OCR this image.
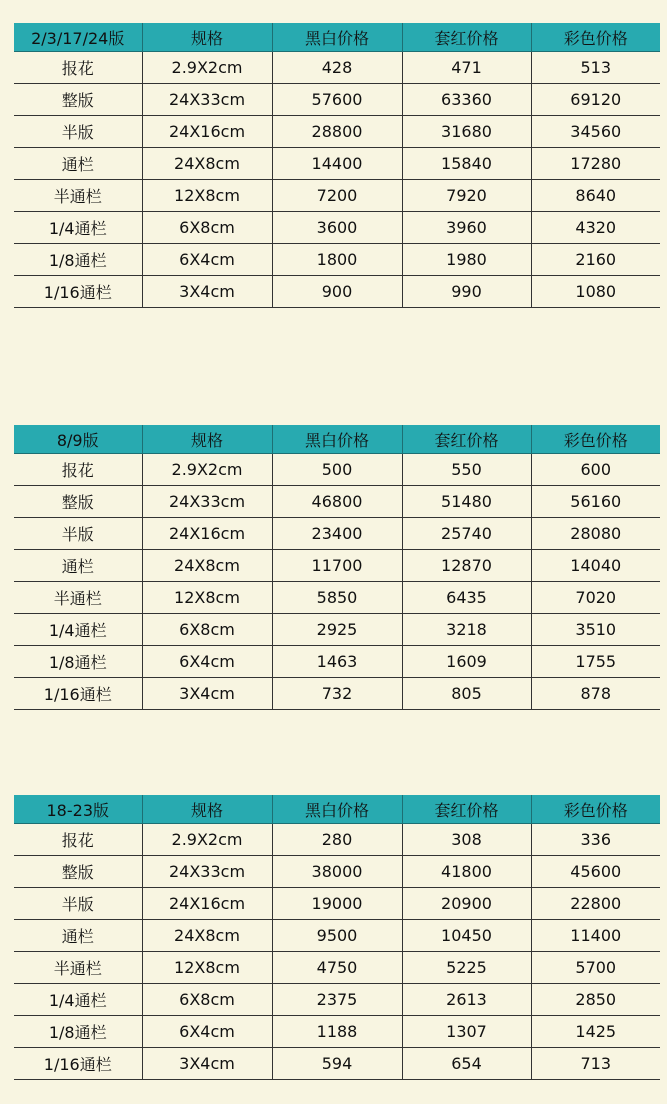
2/3/17/24版	规格	黑白价格	套红价格	彩色价格
报花	2.9X2cm	428	471	513
整版	24X33cm	57600	63360	69120
半版	24X16cm	28800	31680	34560
通栏	24X8cm	14400	15840	17280
半通栏	12X8cm	7200	7920	8640
1/4通栏	6X8cm	3600	3960	4320
1/8通栏	6X4cm	1800	1980	2160
1/16通栏	3X4cm	900	990	1080
8/9版	规格	黑白价格	套红价格	彩色价格
报花	2.9X2cm	500	550	600
整版	24X33cm	46800	51480	56160
半版	24X16cm	23400	25740	28080
通栏	24X8cm	11700	12870	14040
半通栏	12X8cm	5850	6435	7020
1/4通栏	6X8cm	2925	3218	3510
1/8通栏	6X4cm	1463	1609	1755
1/16通栏	3X4cm	732	805	878
18-23版	规格	黑白价格	套红价格	彩色价格
报花	2.9X2cm	280	308	336
整版	24X33cm	38000	41800	45600
半版	24X16cm	19000	20900	22800
通栏	24X8cm	9500	10450	11400
半通栏	12X8cm	4750	5225	5700
1/4通栏	6X8cm	2375	2613	2850
1/8通栏	6X4cm	1188	1307	1425
1/16通栏	3X4cm	594	654	713
